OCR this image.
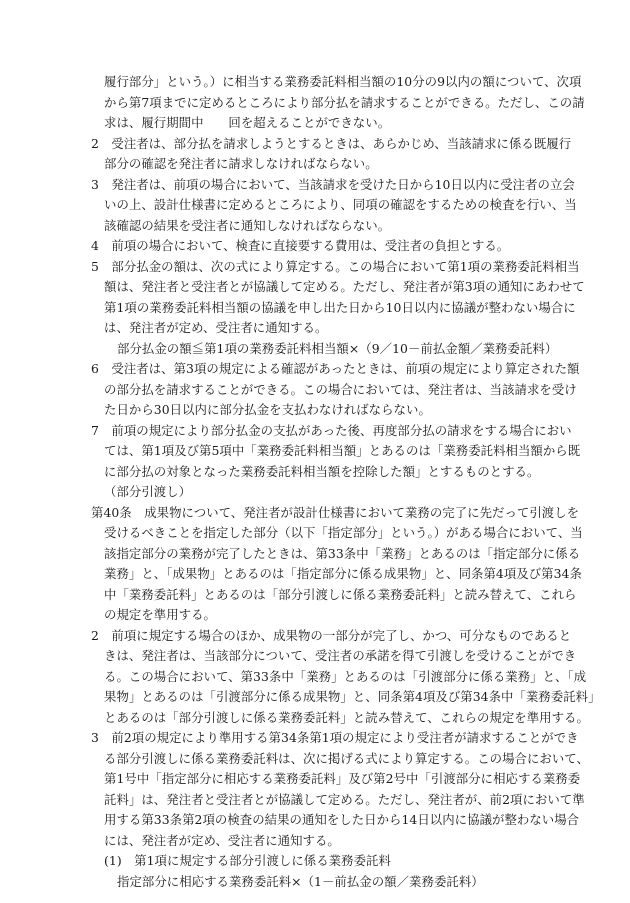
履行部分」という。）に相当する業務委託料相当額の10分の9以内の額について、次項
から第7項までに定めるところにより部分払を請求することができる。ただし、この請
求は、履行期間中　　回を超えることができない。
2　受注者は、部分払を請求しようとするときは、あらかじめ、当該請求に係る既履行
部分の確認を発注者に請求しなければならない。
3　発注者は、前項の場合において、当該請求を受けた日から10日以内に受注者の立会
いの上、設計仕様書に定めるところにより、同項の確認をするための検査を行い、当
該確認の結果を受注者に通知しなければならない。
4　前項の場合において、検査に直接要する費用は、受注者の負担とする。
5　部分払金の額は、次の式により算定する。この場合において第1項の業務委託料相当
額は、発注者と受注者とが協議して定める。ただし、発注者が第3項の通知にあわせて
第1項の業務委託料相当額の協議を申し出た日から10日以内に協議が整わない場合に
は、発注者が定め、受注者に通知する。
部分払金の額≦第1項の業務委託料相当額×（9／10－前払金額／業務委託料）
6　受注者は、第3項の規定による確認があったときは、前項の規定により算定された額
の部分払を請求することができる。この場合においては、発注者は、当該請求を受け
た日から30日以内に部分払金を支払わなければならない。
7　前項の規定により部分払金の支払があった後、再度部分払の請求をする場合におい
ては、第1項及び第5項中「業務委託料相当額」とあるのは「業務委託料相当額から既
に部分払の対象となった業務委託料相当額を控除した額」とするものとする。
（部分引渡し）
第40条　成果物について、発注者が設計仕様書において業務の完了に先だって引渡しを
受けるべきことを指定した部分（以下「指定部分」という。）がある場合において、当
該指定部分の業務が完了したときは、第33条中「業務」とあるのは「指定部分に係る
業務」と、「成果物」とあるのは「指定部分に係る成果物」と、同条第4項及び第34条
中「業務委託料」とあるのは「部分引渡しに係る業務委託料」と読み替えて、これら
の規定を準用する。
2　前項に規定する場合のほか、成果物の一部分が完了し、かつ、可分なものであると
きは、発注者は、当該部分について、受注者の承諾を得て引渡しを受けることができ
る。この場合において、第33条中「業務」とあるのは「引渡部分に係る業務」と、「成
果物」とあるのは「引渡部分に係る成果物」と、同条第4項及び第34条中「業務委託料」
とあるのは「部分引渡しに係る業務委託料」と読み替えて、これらの規定を準用する。
3　前2項の規定により準用する第34条第1項の規定により受注者が請求することができ
る部分引渡しに係る業務委託料は、次に掲げる式により算定する。この場合において、
第1号中「指定部分に相応する業務委託料」及び第2号中「引渡部分に相応する業務委
託料」は、発注者と受注者とが協議して定める。ただし、発注者が、前2項において準
用する第33条第2項の検査の結果の通知をした日から14日以内に協議が整わない場合
には、発注者が定め、受注者に通知する。
(1)　第1項に規定する部分引渡しに係る業務委託料
指定部分に相応する業務委託料×（1－前払金の額／業務委託料）
